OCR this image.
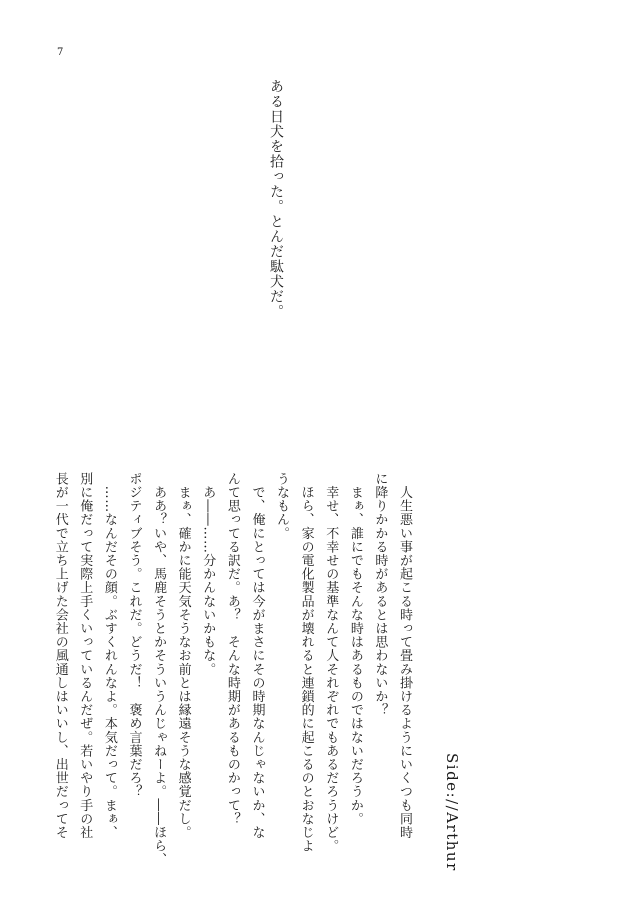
7
ある日犬を拾った。とんだ駄犬だ。
Side://Arthur

　人生悪い事が起こる時って畳み掛けるようにいくつも同時

に降りかかる時があるとは思わないか？

　まぁ、誰にでもそんな時はあるものではないだろうか。

　幸せ、不幸せの基準なんて人それぞれでもあるだろうけど。

　ほら、家の電化製品が壊れると連鎖的に起こるのとおなじよ

うなもん。

　で、俺にとっては今がまさにその時期なんじゃないか、な

んて思ってる訳だ。あ？　そんな時期があるものかって？

　あ――……分かんないかもな。

　まぁ、確かに能天気そうなお前とは縁遠そうな感覚だし。

　ああ？いや、馬鹿そうとかそういうんじゃねーよ。――ほら、

ポジティブそう。これだ。どうだ！　褒め言葉だろ？

　……なんだその顔。ぶすくれんなよ。本気だって。まぁ、

別に俺だって実際上手くいっているんだぜ。若いやり手の社

長が一代で立ち上げた会社の風通しはいいし、出世だってそ
